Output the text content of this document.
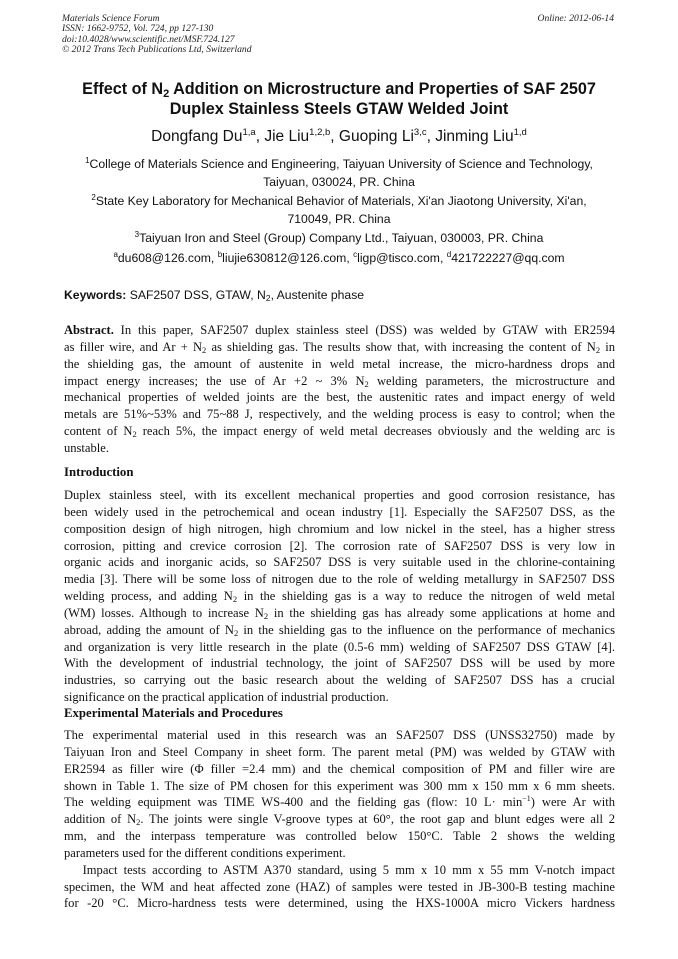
Materials Science Forum
ISSN: 1662-9752, Vol. 724, pp 127-130
doi:10.4028/www.scientific.net/MSF.724.127
© 2012 Trans Tech Publications Ltd, Switzerland
Online: 2012-06-14
Effect of $N_2$ Addition on Microstructure and Properties of SAF 2507
Duplex Stainless Steels GTAW Welded Joint
Dongfang Du$^{1,a}$, Jie Liu$^{1,2,b}$, Guoping Li$^{3,c}$, Jinming Liu$^{1,d}$
$^1$College of Materials Science and Engineering, Taiyuan University of Science and Technology,
Taiyuan, 030024, PR. China
$^2$State Key Laboratory for Mechanical Behavior of Materials, Xi'an Jiaotong University, Xi'an,
710049, PR. China
$^3$Taiyuan Iron and Steel (Group) Company Ltd., Taiyuan, 030003, PR. China
$^a$du608@126.com, $^b$liujie630812@126.com, $^c$ligp@tisco.com, $^d$421722227@qq.com
Keywords: SAF2507 DSS, GTAW, $N_2$, Austenite phase
Abstract. In this paper, SAF2507 duplex stainless steel (DSS) was welded by GTAW with ER2594
as filler wire, and $Ar + N_2$ as shielding gas. The results show that, with increasing the content of $N_2$ in
the shielding gas, the amount of austenite in weld metal increase, the micro-hardness drops and
impact energy increases; the use of Ar +2 ~ 3% $N_2$ welding parameters, the microstructure and
mechanical properties of welded joints are the best, the austenitic rates and impact energy of weld
metals are 51%~53% and 75~88 J, respectively, and the welding process is easy to control; when the
content of $N_2$ reach 5%, the impact energy of weld metal decreases obviously and the welding arc is
unstable.
Introduction
Duplex stainless steel, with its excellent mechanical properties and good corrosion resistance, has
been widely used in the petrochemical and ocean industry [1]. Especially the SAF2507 DSS, as the
composition design of high nitrogen, high chromium and low nickel in the steel, has a higher stress
corrosion, pitting and crevice corrosion [2]. The corrosion rate of SAF2507 DSS is very low in
organic acids and inorganic acids, so SAF2507 DSS is very suitable used in the chlorine-containing
media [3]. There will be some loss of nitrogen due to the role of welding metallurgy in SAF2507 DSS
welding process, and adding $N_2$ in the shielding gas is a way to reduce the nitrogen of weld metal
(WM) losses. Although to increase $N_2$ in the shielding gas has already some applications at home and
abroad, adding the amount of $N_2$ in the shielding gas to the influence on the performance of mechanics
and organization is very little research in the plate (0.5-6 mm) welding of SAF2507 DSS GTAW [4].
With the development of industrial technology, the joint of SAF2507 DSS will be used by more
industries, so carrying out the basic research about the welding of SAF2507 DSS has a crucial
significance on the practical application of industrial production.
Experimental Materials and Procedures
The experimental material used in this research was an SAF2507 DSS (UNSS32750) made by
Taiyuan Iron and Steel Company in sheet form. The parent metal (PM) was welded by GTAW with
ER2594 as filler wire (Φ filler =2.4 mm) and the chemical composition of PM and filler wire are
shown in Table 1. The size of PM chosen for this experiment was 300 mm x 150 mm x 6 mm sheets.
The welding equipment was TIME WS-400 and the fielding gas (flow: 10 $L\cdot \min^{-1}$) were Ar with
addition of $N_2$. The joints were single V-groove types at 60°, the root gap and blunt edges were all 2
mm, and the interpass temperature was controlled below 150°C. Table 2 shows the welding
parameters used for the different conditions experiment.
Impact tests according to ASTM A370 standard, using 5 mm x 10 mm x 55 mm V-notch impact
specimen, the WM and heat affected zone (HAZ) of samples were tested in JB-300-B testing machine
for -20 °C. Micro-hardness tests were determined, using the HXS-1000A micro Vickers hardness
